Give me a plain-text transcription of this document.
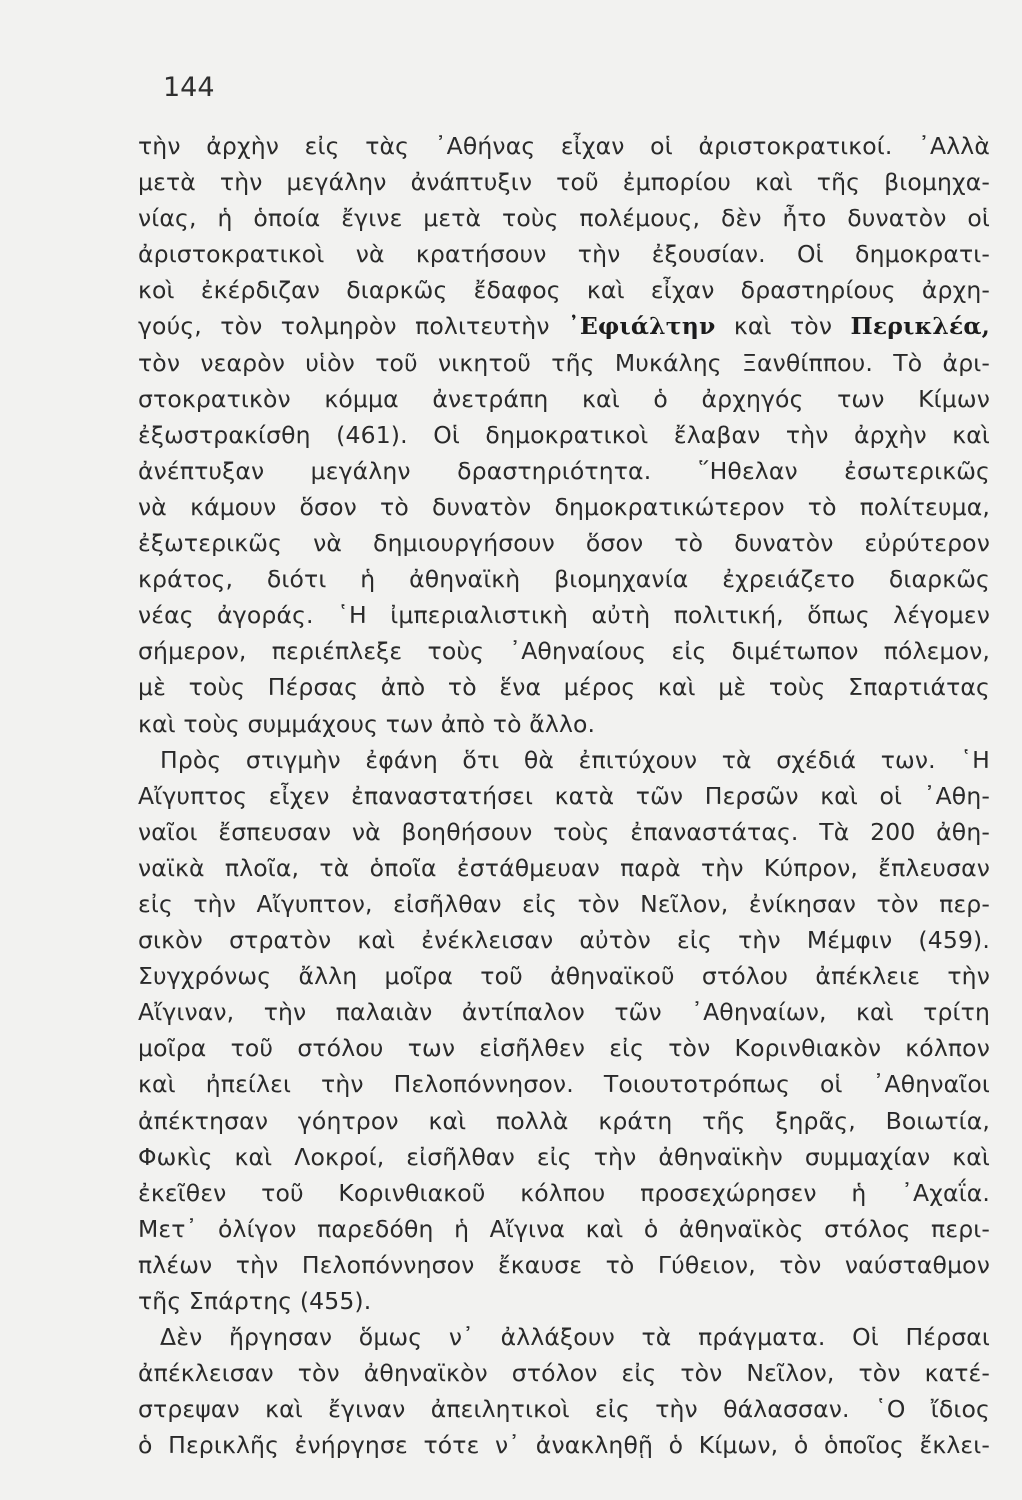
144
τὴν ἀρχὴν εἰς τὰς ᾿Αθήνας εἶχαν οἱ ἀριστοκρατικοί. ᾿Αλλὰ
μετὰ τὴν μεγάλην ἀνάπτυξιν τοῦ ἐμπορίου καὶ τῆς βιομηχα-
νίας, ἡ ὁποία ἔγινε μετὰ τοὺς πολέμους, δὲν ἦτο δυνατὸν οἱ
ἀριστοκρατικοὶ νὰ κρατήσουν τὴν ἐξουσίαν. Οἱ δημοκρατι-
κοὶ ἐκέρδιζαν διαρκῶς ἔδαφος καὶ εἶχαν δραστηρίους ἀρχη-
γούς, τὸν τολμηρὸν πολιτευτὴν ᾿Εφιάλτην καὶ τὸν Περικλέα,
τὸν νεαρὸν υἱὸν τοῦ νικητοῦ τῆς Μυκάλης Ξανθίππου. Τὸ ἀρι-
στοκρατικὸν κόμμα ἀνετράπη καὶ ὁ ἀρχηγός των Κίμων
ἐξωστρακίσθη (461). Οἱ δημοκρατικοὶ ἔλαβαν τὴν ἀρχὴν καὶ
ἀνέπτυξαν μεγάλην δραστηριότητα. ῞Ηθελαν ἐσωτερικῶς
νὰ κάμουν ὅσον τὸ δυνατὸν δημοκρατικώτερον τὸ πολίτευμα,
ἐξωτερικῶς νὰ δημιουργήσουν ὅσον τὸ δυνατὸν εὐρύτερον
κράτος, διότι ἡ ἀθηναϊκὴ βιομηχανία ἐχρειάζετο διαρκῶς
νέας ἀγοράς. ῾Η ἰμπεριαλιστικὴ αὐτὴ πολιτική, ὅπως λέγομεν
σήμερον, περιέπλεξε τοὺς ᾿Αθηναίους εἰς διμέτωπον πόλεμον,
μὲ τοὺς Πέρσας ἀπὸ τὸ ἕνα μέρος καὶ μὲ τοὺς Σπαρτιάτας
καὶ τοὺς συμμάχους των ἀπὸ τὸ ἄλλο.
Πρὸς στιγμὴν ἐφάνη ὅτι θὰ ἐπιτύχουν τὰ σχέδιά των. ῾Η
Αἴγυπτος εἶχεν ἐπαναστατήσει κατὰ τῶν Περσῶν καὶ οἱ ᾿Αθη-
ναῖοι ἔσπευσαν νὰ βοηθήσουν τοὺς ἐπαναστάτας. Τὰ 200 ἀθη-
ναϊκὰ πλοῖα, τὰ ὁποῖα ἐστάθμευαν παρὰ τὴν Κύπρον, ἔπλευσαν
εἰς τὴν Αἴγυπτον, εἰσῆλθαν εἰς τὸν Νεῖλον, ἐνίκησαν τὸν περ-
σικὸν στρατὸν καὶ ἐνέκλεισαν αὐτὸν εἰς τὴν Μέμφιν (459).
Συγχρόνως ἄλλη μοῖρα τοῦ ἀθηναϊκοῦ στόλου ἀπέκλειε τὴν
Αἴγιναν, τὴν παλαιὰν ἀντίπαλον τῶν ᾿Αθηναίων, καὶ τρίτη
μοῖρα τοῦ στόλου των εἰσῆλθεν εἰς τὸν Κορινθιακὸν κόλπον
καὶ ἠπείλει τὴν Πελοπόννησον. Τοιουτοτρόπως οἱ ᾿Αθηναῖοι
ἀπέκτησαν γόητρον καὶ πολλὰ κράτη τῆς ξηρᾶς, Βοιωτία,
Φωκὶς καὶ Λοκροί, εἰσῆλθαν εἰς τὴν ἀθηναϊκὴν συμμαχίαν καὶ
ἐκεῖθεν τοῦ Κορινθιακοῦ κόλπου προσεχώρησεν ἡ ᾿Αχαΐα.
Μετ᾿ ὀλίγον παρεδόθη ἡ Αἴγινα καὶ ὁ ἀθηναϊκὸς στόλος περι-
πλέων τὴν Πελοπόννησον ἔκαυσε τὸ Γύθειον, τὸν ναύσταθμον
τῆς Σπάρτης (455).
Δὲν ἤργησαν ὅμως ν᾿ ἀλλάξουν τὰ πράγματα. Οἱ Πέρσαι
ἀπέκλεισαν τὸν ἀθηναϊκὸν στόλον εἰς τὸν Νεῖλον, τὸν κατέ-
στρεψαν καὶ ἔγιναν ἀπειλητικοὶ εἰς τὴν θάλασσαν. ῾Ο ἴδιος
ὁ Περικλῆς ἐνήργησε τότε ν᾿ ἀνακληθῇ ὁ Κίμων, ὁ ὁποῖος ἔκλει-
